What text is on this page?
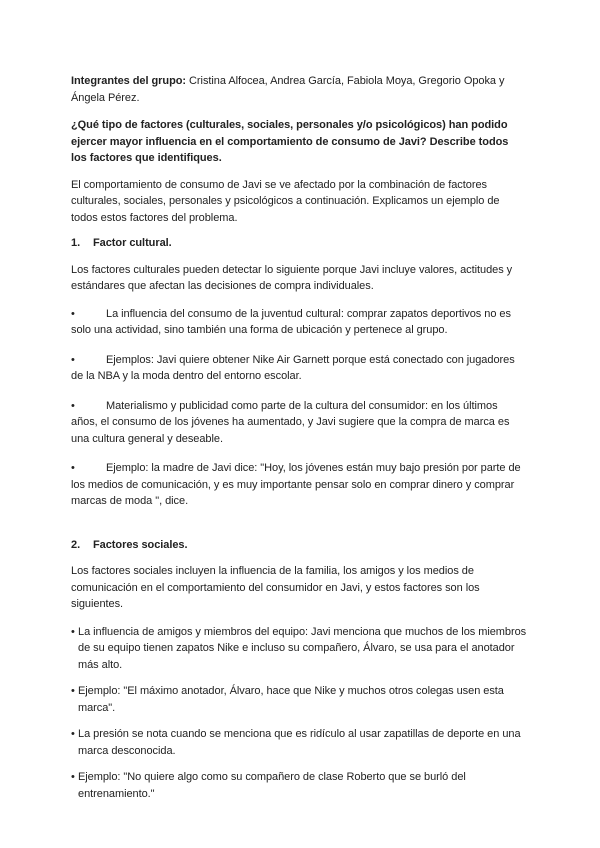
Integrantes del grupo: Cristina Alfocea, Andrea García, Fabiola Moya, Gregorio Opoka y Ángela Pérez.

¿Qué tipo de factores (culturales, sociales, personales y/o psicológicos) han podido ejercer mayor influencia en el comportamiento de consumo de Javi? Describe todos los factores que identifiques.

El comportamiento de consumo de Javi se ve afectado por la combinación de factores culturales, sociales, personales y psicológicos a continuación. Explicamos un ejemplo de todos estos factores del problema.

1. Factor cultural.

Los factores culturales pueden detectar lo siguiente porque Javi incluye valores, actitudes y estándares que afectan las decisiones de compra individuales.

•	La influencia del consumo de la juventud cultural: comprar zapatos deportivos no es solo una actividad, sino también una forma de ubicación y pertenece al grupo.

•	Ejemplos: Javi quiere obtener Nike Air Garnett porque está conectado con jugadores de la NBA y la moda dentro del entorno escolar.

•	Materialismo y publicidad como parte de la cultura del consumidor: en los últimos años, el consumo de los jóvenes ha aumentado, y Javi sugiere que la compra de marca es una cultura general y deseable.

•	Ejemplo: la madre de Javi dice: "Hoy, los jóvenes están muy bajo presión por parte de los medios de comunicación, y es muy importante pensar solo en comprar dinero y comprar marcas de moda ", dice.

2. Factores sociales.

Los factores sociales incluyen la influencia de la familia, los amigos y los medios de comunicación en el comportamiento del consumidor en Javi, y estos factores son los siguientes.

• La influencia de amigos y miembros del equipo: Javi menciona que muchos de los miembros de su equipo tienen zapatos Nike e incluso su compañero, Álvaro, se usa para el anotador más alto.

• Ejemplo: "El máximo anotador, Álvaro, hace que Nike y muchos otros colegas usen esta marca".

• La presión se nota cuando se menciona que es ridículo al usar zapatillas de deporte en una marca desconocida.

• Ejemplo: "No quiere algo como su compañero de clase Roberto que se burló del entrenamiento."
